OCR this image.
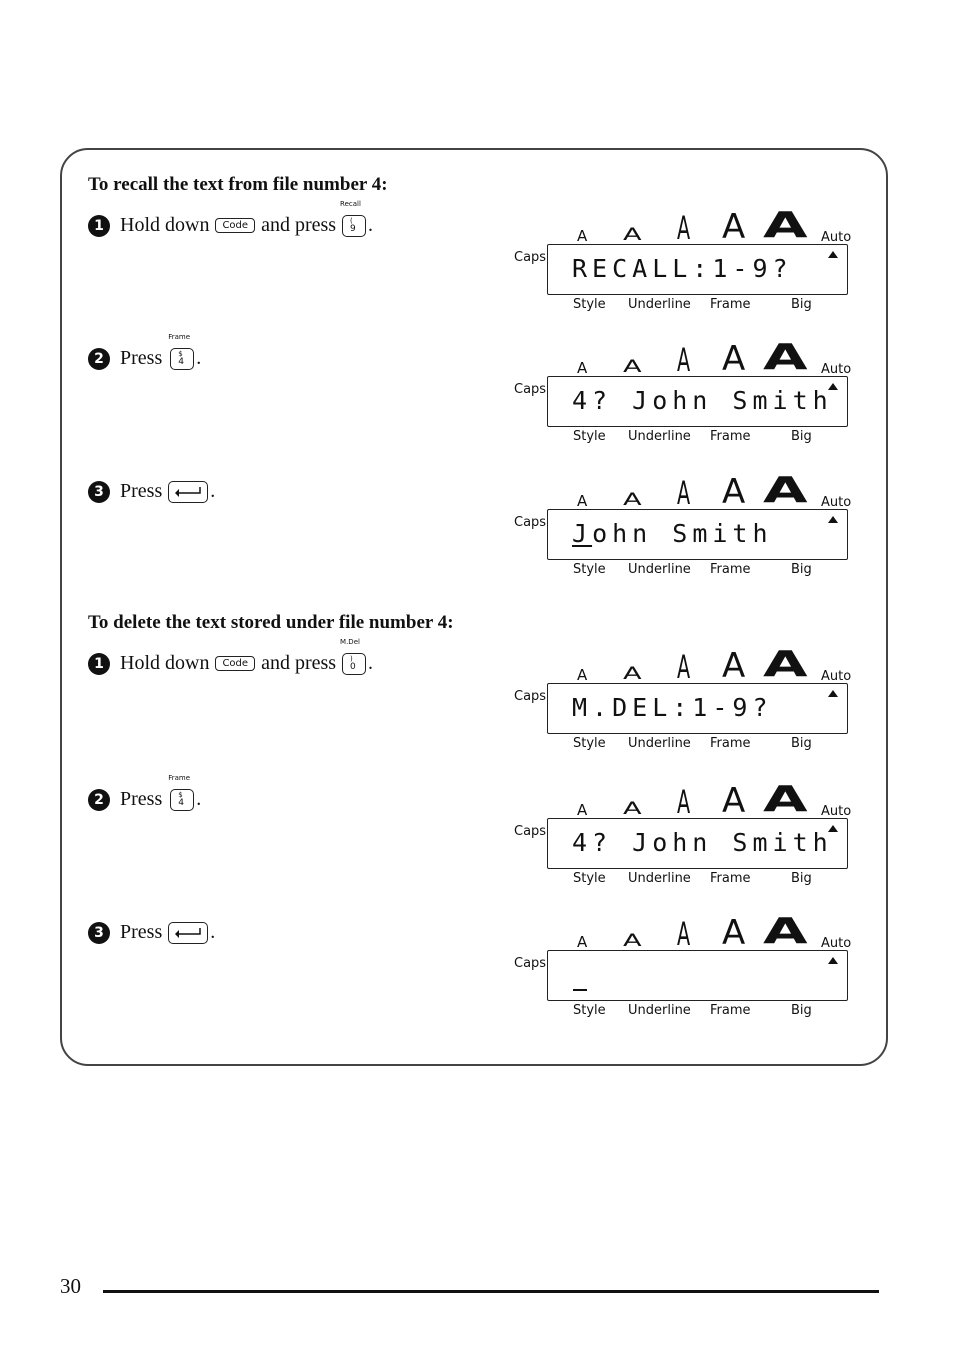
To recall the text from file number 4:
1 Hold down	Code and press
Recall
(
9 .
2 Press
Frame
$
4 .
3 Press .
To delete the text stored under file number 4:
1 Hold down	Code and press
M.Del
)
0 .
2 Press
Frame
$
4 .
3 Press .
A A A A A Auto
Caps RECALL:1-9?
Style Underline Frame	Big
A A A A A Auto
Caps 4? John Smith
Style Underline Frame	Big
A A A A A Auto
Caps John Smith
Style Underline Frame	Big
A A A A A Auto
Caps M.DEL:1-9?
Style Underline Frame	Big
A A A A A Auto
Caps 4? John Smith
Style Underline Frame	Big
A A A A A Auto
Caps
Style Underline Frame	Big
30
